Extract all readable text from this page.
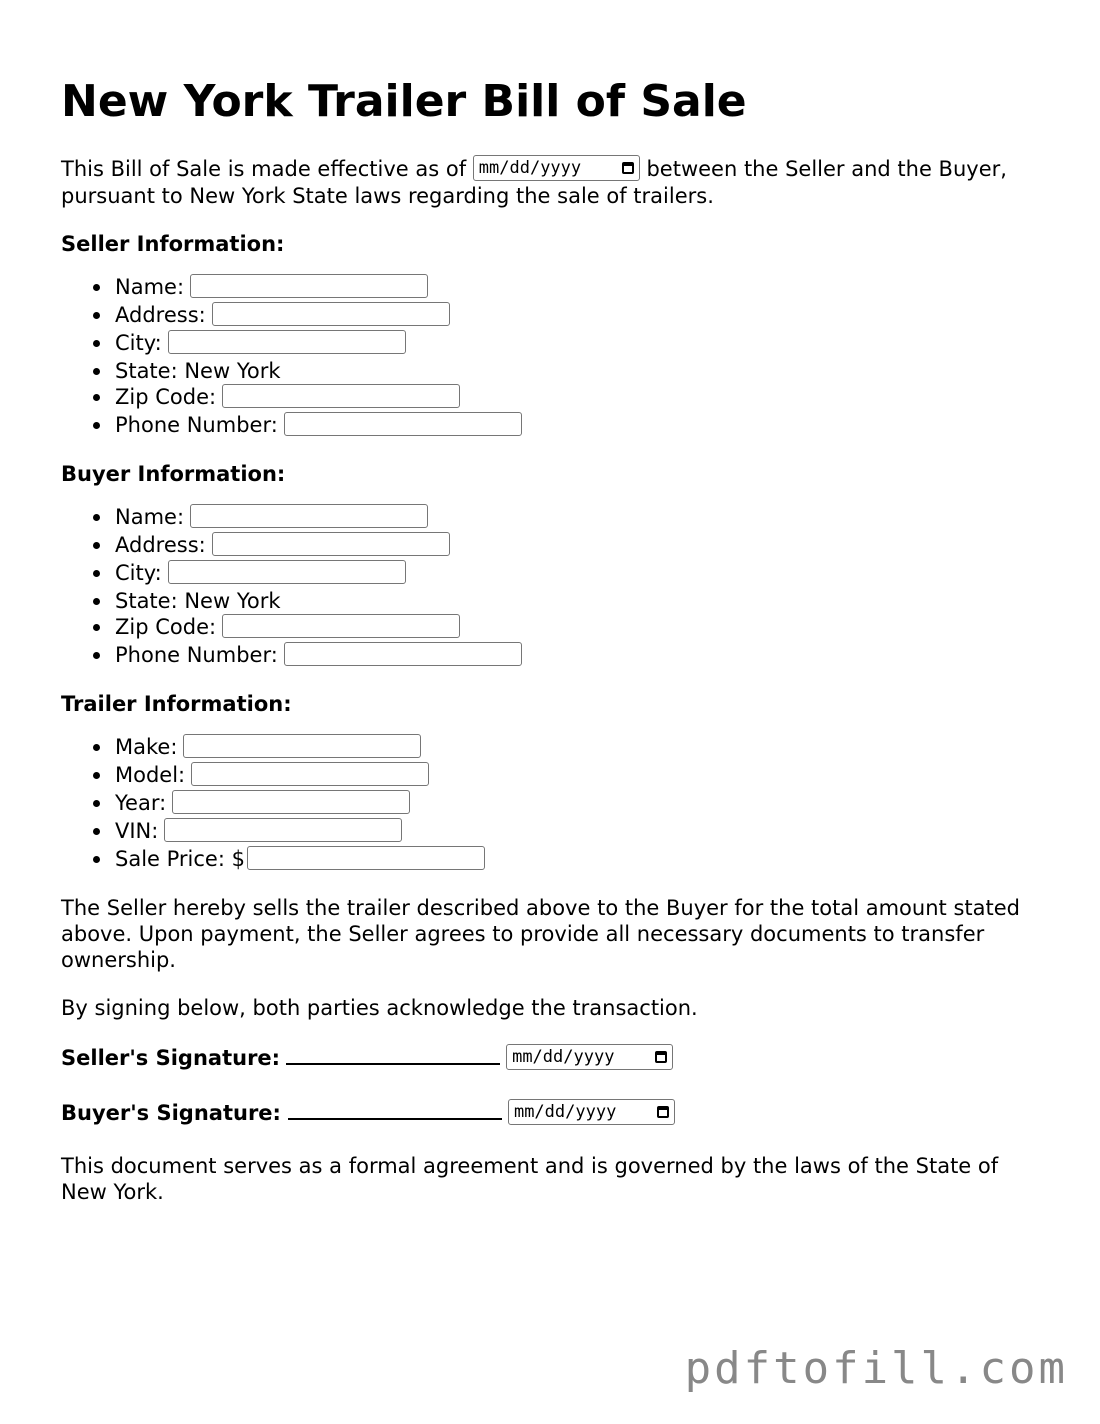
New York Trailer Bill of Sale

This Bill of Sale is made effective as of mm/dd/yyyy	between the Seller and the Buyer, pursuant to New York State laws regarding the sale of trailers.

Seller Information:
Name:
Address:
City:
State: New York
Zip Code:
Phone Number:
Buyer Information:
Name:
Address:
City:
State: New York
Zip Code:
Phone Number:
Trailer Information:
Make:
Model:
Year:
VIN:
Sale Price: $

The Seller hereby sells the trailer described above to the Buyer for the total amount stated above. Upon payment, the Seller agrees to provide all necessary documents to transfer ownership.

By signing below, both parties acknowledge the transaction.

Seller's Signature:	mm/dd/yyyy
Buyer's Signature:	mm/dd/yyyy

This document serves as a formal agreement and is governed by the laws of the State of New York.

pdftofill.com
